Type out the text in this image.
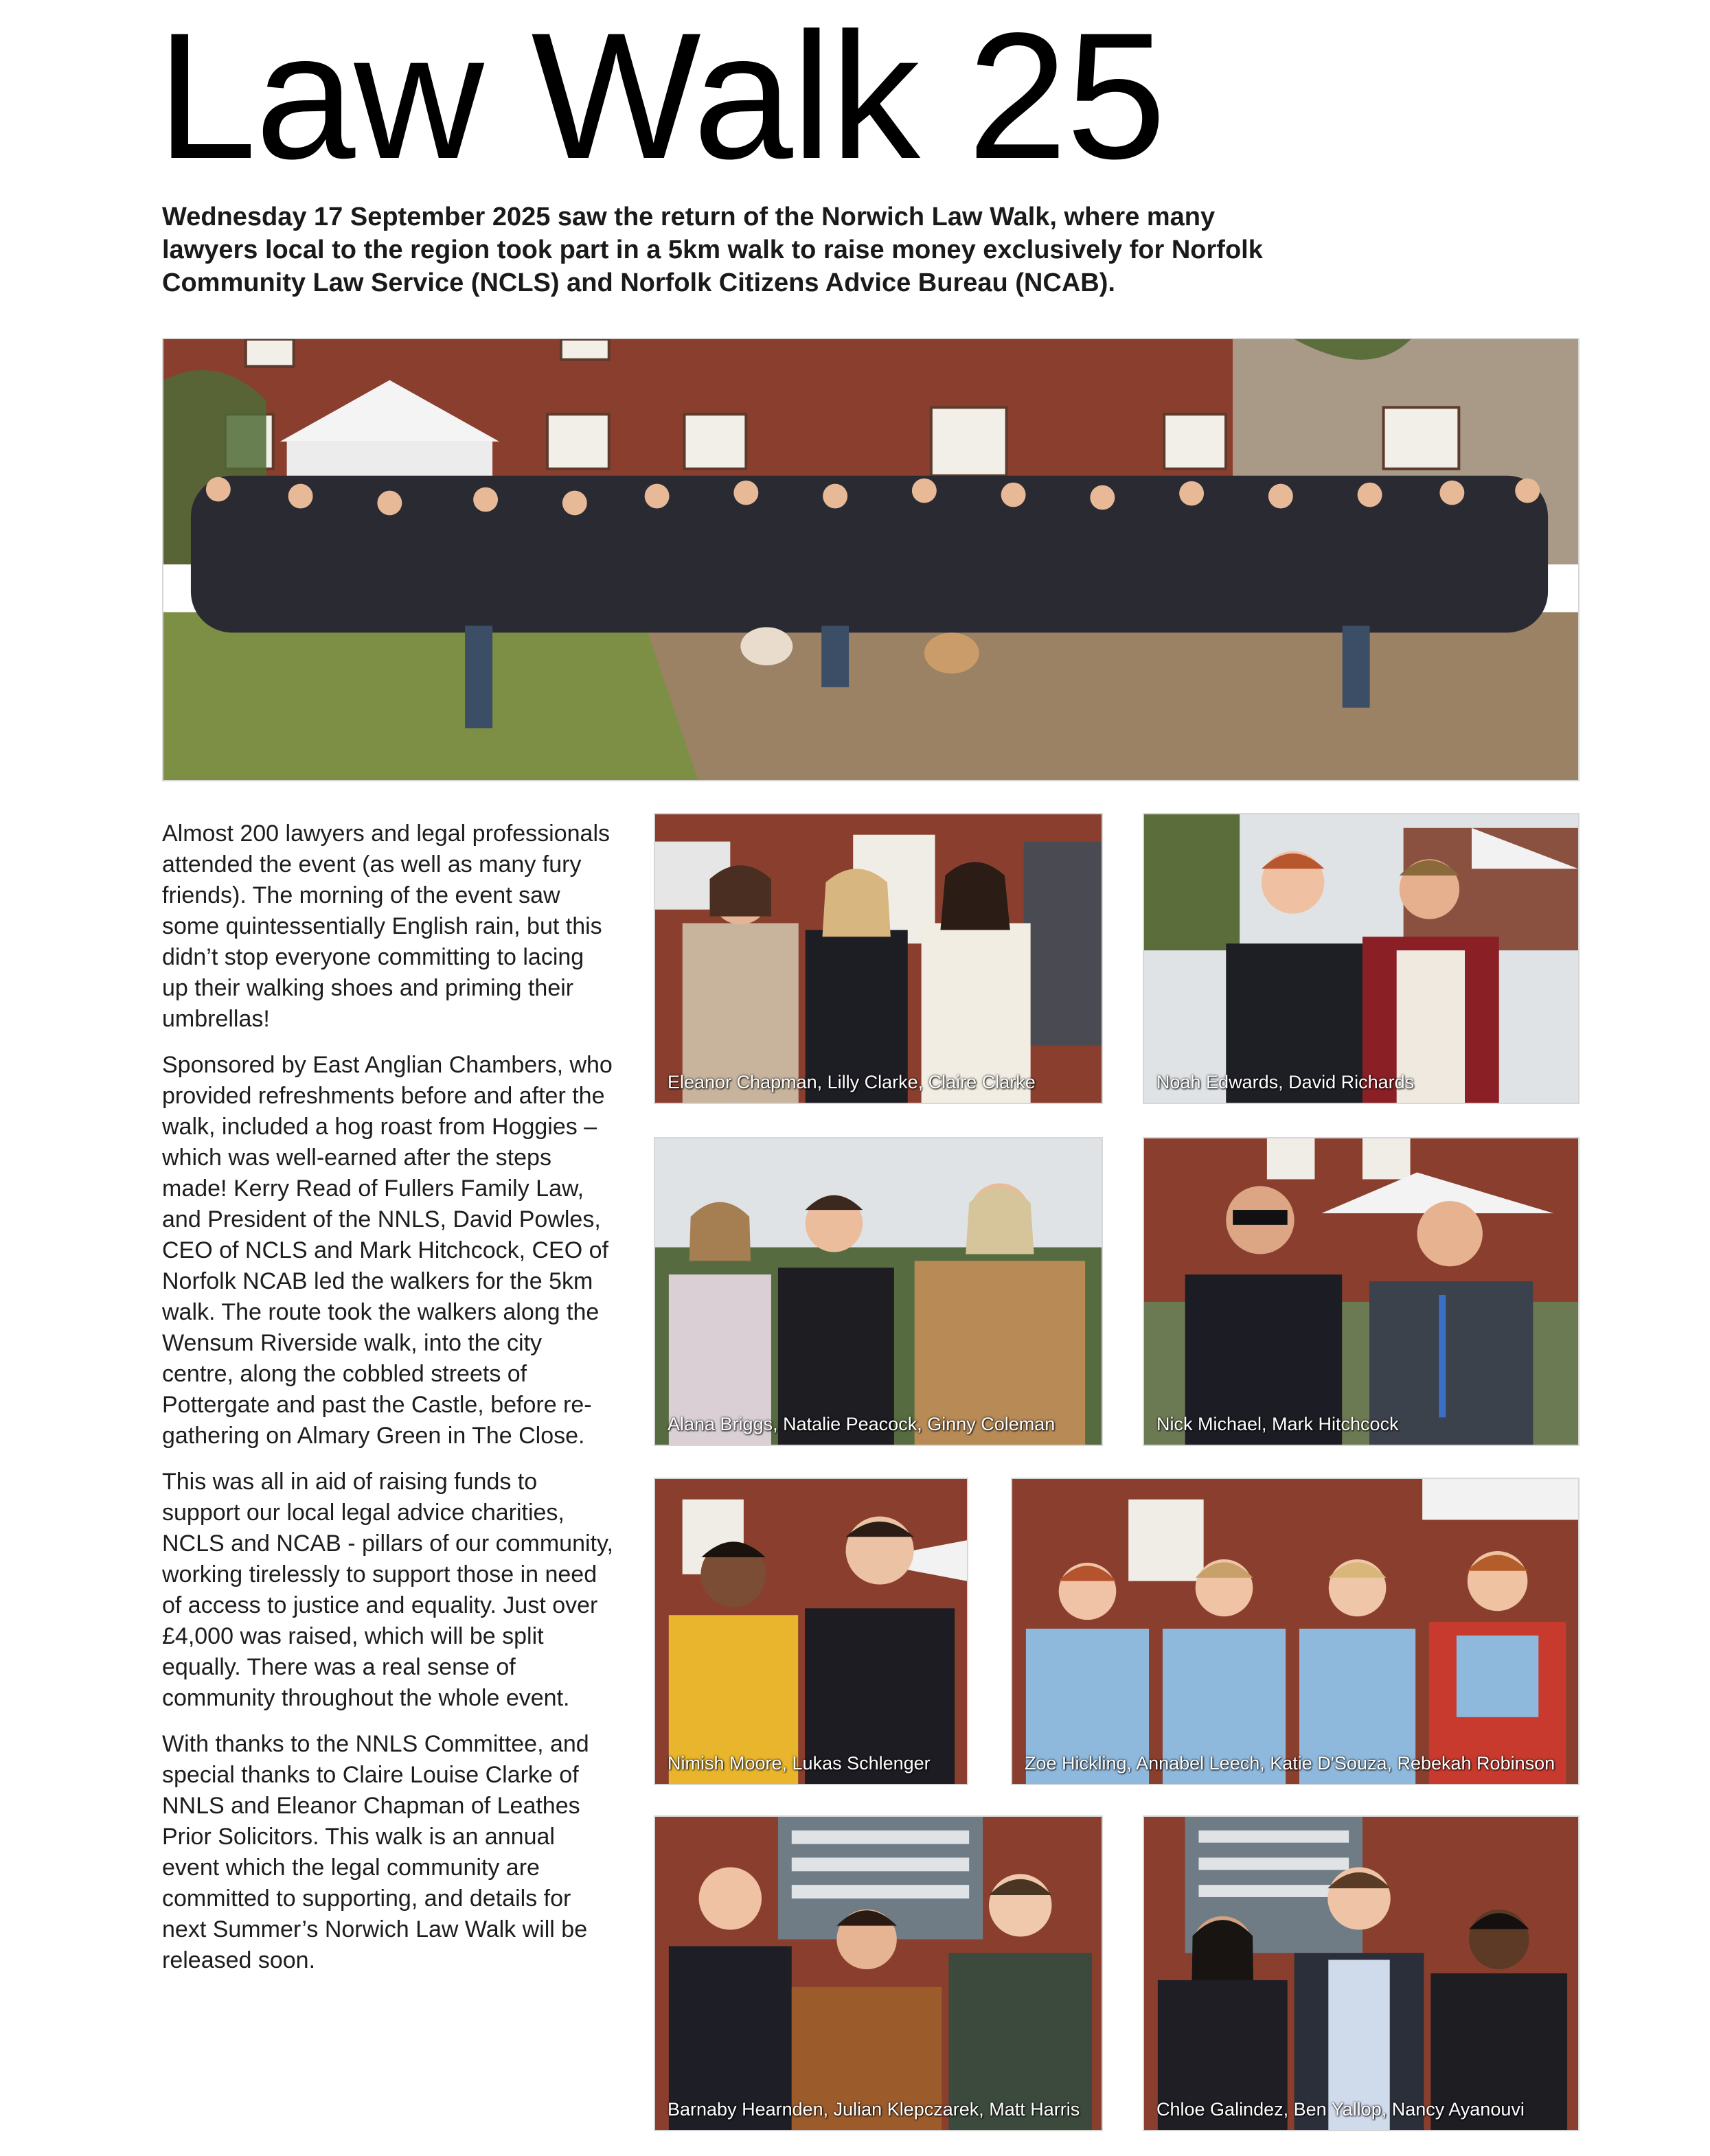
Law Walk 25

Wednesday 17 September 2025 saw the return of the Norwich Law Walk, where many lawyers local to the region took part in a 5km walk to raise money exclusively for Norfolk Community Law Service (NCLS) and Norfolk Citizens Advice Bureau (NCAB).

Almost 200 lawyers and legal professionals attended the event (as well as many fury friends). The morning of the event saw some quintessentially English rain, but this didn’t stop everyone committing to lacing up their walking shoes and priming their umbrellas!

Sponsored by East Anglian Chambers, who provided refreshments before and after the walk, included a hog roast from Hoggies – which was well-earned after the steps made! Kerry Read of Fullers Family Law, and President of the NNLS, David Powles, CEO of NCLS and Mark Hitchcock, CEO of Norfolk NCAB led the walkers for the 5km walk. The route took the walkers along the Wensum Riverside walk, into the city centre, along the cobbled streets of Pottergate and past the Castle, before re-gathering on Almary Green in The Close.

This was all in aid of raising funds to support our local legal advice charities, NCLS and NCAB - pillars of our community, working tirelessly to support those in need of access to justice and equality. Just over £4,000 was raised, which will be split equally. There was a real sense of community throughout the whole event.

With thanks to the NNLS Committee, and special thanks to Claire Louise Clarke of NNLS and Eleanor Chapman of Leathes Prior Solicitors. This walk is an annual event which the legal community are committed to supporting, and details for next Summer’s Norwich Law Walk will be released soon.

Eleanor Chapman, Lilly Clarke, Claire Clarke	Noah Edwards, David Richards
Alana Briggs, Natalie Peacock, Ginny Coleman	Nick Michael, Mark Hitchcock
Nimish Moore, Lukas Schlenger	Zoe Hickling, Annabel Leech, Katie D'Souza, Rebekah Robinson
Barnaby Hearnden, Julian Klepczarek, Matt Harris	Chloe Galindez, Ben Yallop, Nancy Ayanouvi
